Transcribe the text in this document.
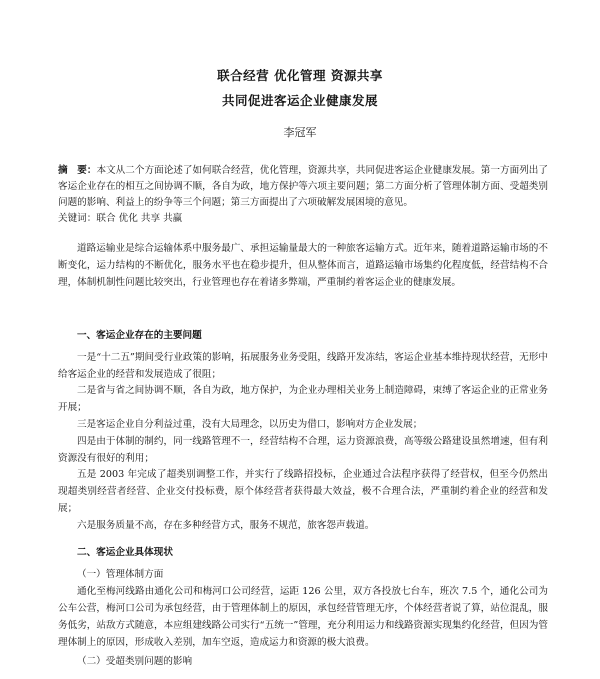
联合经营 优化管理 资源共享
共同促进客运企业健康发展
李冠军
摘　要：本文从二个方面论述了如何联合经营，优化管理，资源共享，共同促进客运企业健康发展。第一方面列出了客运企业存在的相互之间协调不顺，各自为政，地方保护等六项主要问题；第二方面分析了管理体制方面、受超类别问题的影响、利益上的纷争等三个问题；第三方面提出了六项破解发展困境的意见。
关键词：联合 优化 共享 共赢
道路运输业是综合运输体系中服务最广、承担运输量最大的一种旅客运输方式。近年来，随着道路运输市场的不断变化，运力结构的不断优化，服务水平也在稳步提升，但从整体而言，道路运输市场集约化程度低，经营结构不合理，体制机制性问题比较突出，行业管理也存在着诸多弊端，严重制约着客运企业的健康发展。
一、客运企业存在的主要问题
一是“十二五”期间受行业政策的影响，拓展服务业务受阻，线路开发冻结，客运企业基本维持现状经营，无形中给客运企业的经营和发展造成了很阻；
二是省与省之间协调不顺，各自为政，地方保护，为企业办理相关业务上制造障碍，束缚了客运企业的正常业务开展；
三是客运企业自分利益过重，没有大局理念，以历史为借口，影响对方企业发展；
四是由于体制的制约，同一线路管理不一，经营结构不合理，运力资源浪费，高等级公路建设虽然增速，但有利资源没有很好的利用；
五是 2003 年完成了超类别调整工作，并实行了线路招投标，企业通过合法程序获得了经营权，但至今仍然出现超类别经营者经营、企业交付投标费，原个体经营者获得最大效益，极不合理合法，严重制约着企业的经营和发展；
六是服务质量不高，存在多种经营方式，服务不规范，旅客怨声载道。
二、客运企业具体现状
（一）管理体制方面
通化至梅河线路由通化公司和梅河口公司经营，运距 126 公里，双方各投放七台车，班次 7.5 个，通化公司为公车公营，梅河口公司为承包经营，由于管理体制上的原因，承包经营管理无序，个体经营者说了算，站位混乱，服务低劣，站敌方式随意，本应组建线路公司实行“五统一”管理，充分利用运力和线路资源实现集约化经营，但因为管理体制上的原因，形成收入差别，加车空返，造成运力和资源的极大浪费。
（二）受超类别问题的影响
